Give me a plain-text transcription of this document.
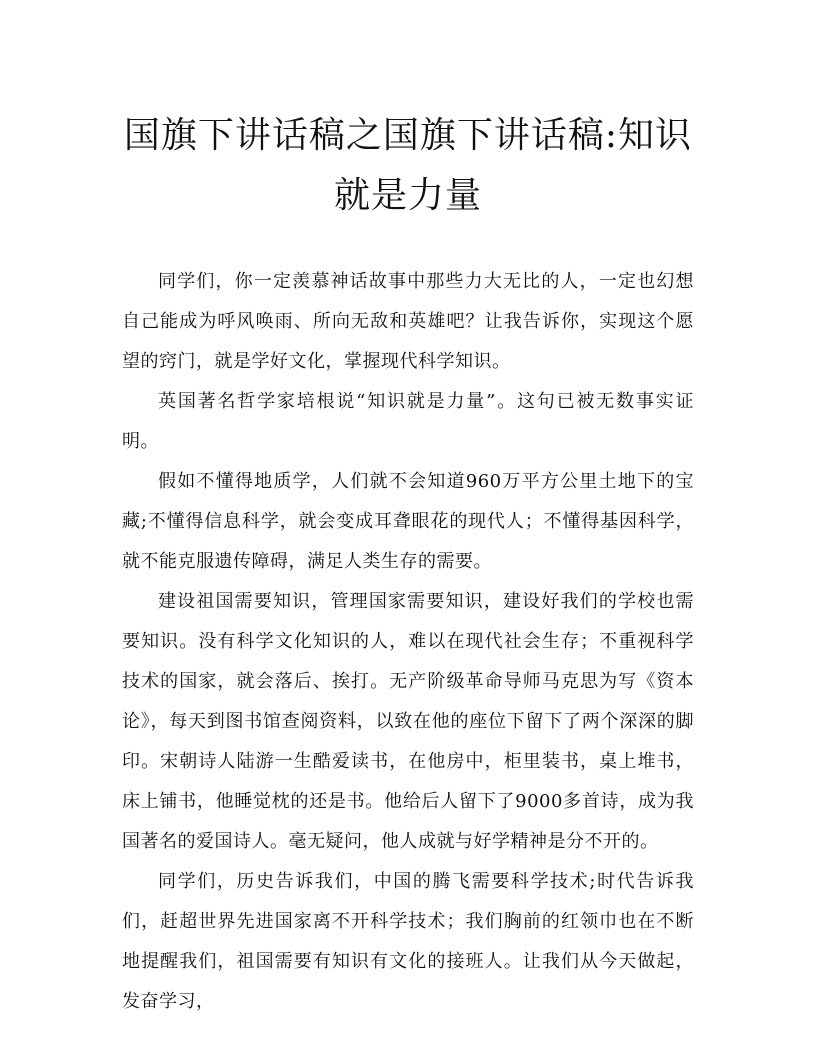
国旗下讲话稿之国旗下讲话稿:知识就是力量

同学们，你一定羡慕神话故事中那些力大无比的人，一定也幻想自己能成为呼风唤雨、所向无敌和英雄吧？让我告诉你，实现这个愿望的窍门，就是学好文化，掌握现代科学知识。

英国著名哲学家培根说“知识就是力量”。这句已被无数事实证明。

假如不懂得地质学，人们就不会知道960万平方公里土地下的宝藏;不懂得信息科学，就会变成耳聋眼花的现代人；不懂得基因科学，就不能克服遗传障碍，满足人类生存的需要。

建设祖国需要知识，管理国家需要知识，建设好我们的学校也需要知识。没有科学文化知识的人，难以在现代社会生存；不重视科学技术的国家，就会落后、挨打。无产阶级革命导师马克思为写《资本论》，每天到图书馆查阅资料，以致在他的座位下留下了两个深深的脚印。宋朝诗人陆游一生酷爱读书，在他房中，柜里装书，桌上堆书，床上铺书，他睡觉枕的还是书。他给后人留下了9000多首诗，成为我国著名的爱国诗人。毫无疑问，他人成就与好学精神是分不开的。

同学们，历史告诉我们，中国的腾飞需要科学技术;时代告诉我们，赶超世界先进国家离不开科学技术；我们胸前的红领巾也在不断地提醒我们，祖国需要有知识有文化的接班人。让我们从今天做起，发奋学习，
